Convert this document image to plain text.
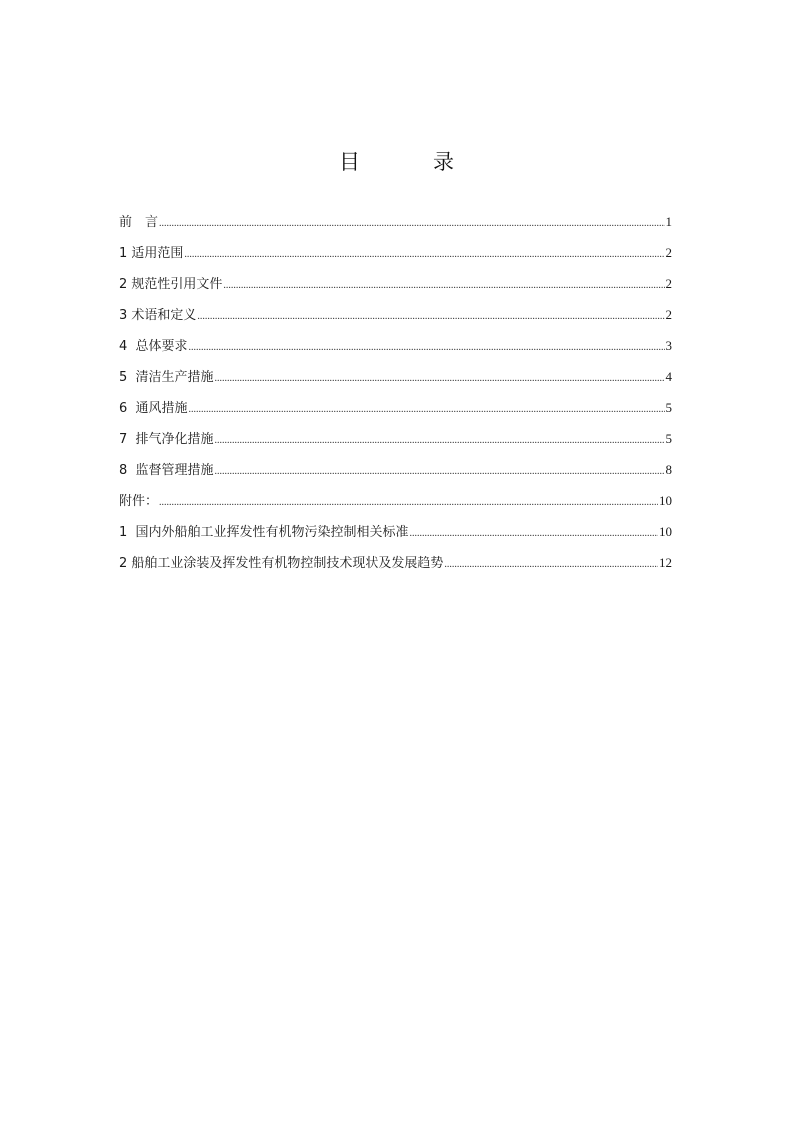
目　录
前　言 .....	1
1 适用范围 .....	2
2 规范性引用文件 .....	2
3 术语和定义 .....	2
4  总体要求 .....	3
5  清洁生产措施 .....	4
6  通风措施 .....	5
7  排气净化措施 .....	5
8  监督管理措施 .....	8
附件： .....	10
1  国内外船舶工业挥发性有机物污染控制相关标准 .....	10
2 船舶工业涂装及挥发性有机物控制技术现状及发展趋势 .....	12
